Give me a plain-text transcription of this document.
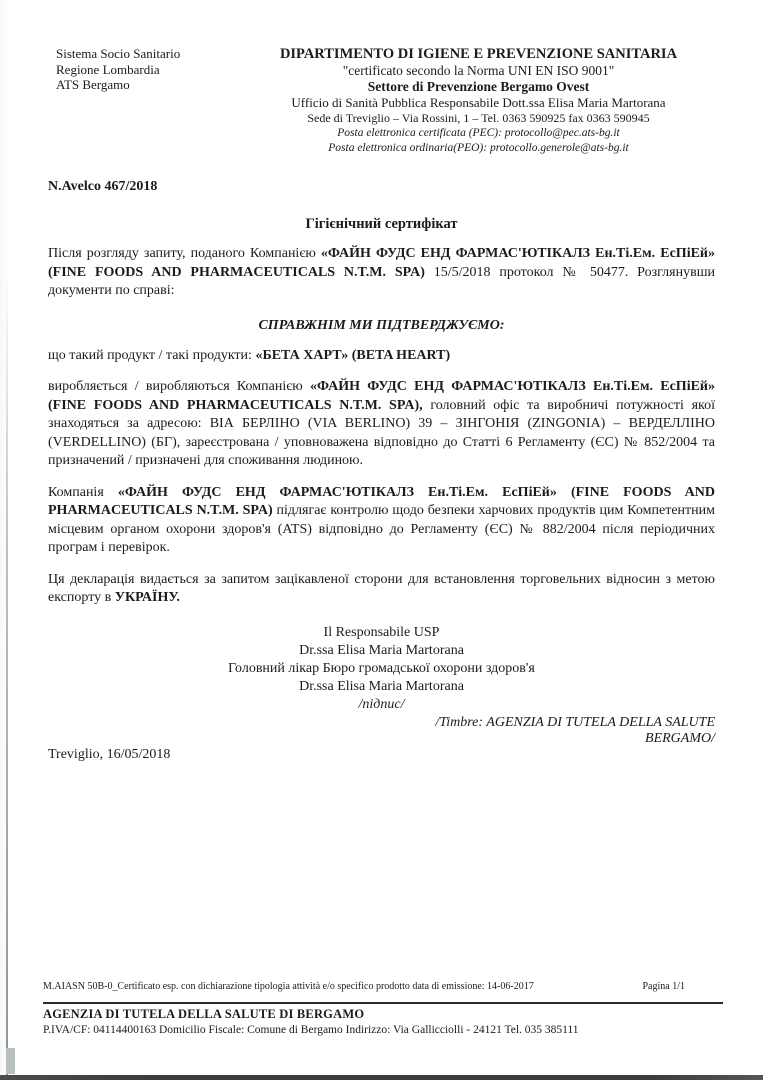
Sistema Socio Sanitario
Regione Lombardia
ATS Bergamo
DIPARTIMENTO DI IGIENE E PREVENZIONE SANITARIA
"certificato secondo la Norma UNI EN ISO 9001"
Settore di Prevenzione Bergamo Ovest
Ufficio di Sanità Pubblica Responsabile Dott.ssa Elisa Maria Martorana
Sede di Treviglio – Via Rossini, 1 – Tel. 0363 590925 fax 0363 590945
Posta elettronica certificata (PEC): protocollo@pec.ats-bg.it
Posta elettronica ordinaria(PEO): protocollo.generole@ats-bg.it
N.Avelco 467/2018
Гігієнічний сертифікат

Після розгляду запиту, поданого Компанією «ФАЙН ФУДС ЕНД ФАРМАС'ЮТІКАЛЗ Ен.Ті.Ем. ЕсПіЕй» (FINE FOODS AND PHARMACEUTICALS N.T.M. SPA) 15/5/2018 протокол № 50477. Розглянувши документи по справі:

СПРАВЖНІМ МИ ПІДТВЕРДЖУЄМО:

що такий продукт / такі продукти: «БЕТА ХАРТ» (BETA HEART)

виробляється / виробляються Компанією «ФАЙН ФУДС ЕНД ФАРМАС'ЮТІКАЛЗ Ен.Ті.Ем. ЕсПіЕй» (FINE FOODS AND PHARMACEUTICALS N.T.M. SPA), головний офіс та виробничі потужності якої знаходяться за адресою: ВІА БЕРЛІНО (VIA BERLINO) 39 – ЗІНГОНІЯ (ZINGONIA) – ВЕРДЕЛЛІНО (VERDELLINO) (БГ), зареєстрована / уповноважена відповідно до Статті 6 Регламенту (ЄС) № 852/2004 та призначений / призначені для споживання людиною.

Компанія «ФАЙН ФУДС ЕНД ФАРМАС'ЮТІКАЛЗ Ен.Ті.Ем. ЕсПіЕй» (FINE FOODS AND PHARMACEUTICALS N.T.M. SPA) підлягає контролю щодо безпеки харчових продуктів цим Компетентним місцевим органом охорони здоров'я (ATS) відповідно до Регламенту (ЄС) № 882/2004 після періодичних програм і перевірок.

Ця декларація видається за запитом зацікавленої сторони для встановлення торговельних відносин з метою експорту в УКРАЇНУ.

Il Responsabile USP
Dr.ssa Elisa Maria Martorana
Головний лікар Бюро громадської охорони здоров'я
Dr.ssa Elisa Maria Martorana
/підпис/
/Timbre: AGENZIA DI TUTELA DELLA SALUTE
BERGAMO/
Treviglio, 16/05/2018
M.AIASN 50B-0_Certificato esp. con dichiarazione tipologia attività e/o specifico prodotto data di emissione: 14-06-2017	Pagina 1/1
AGENZIA DI TUTELA DELLA SALUTE DI BERGAMO
P.IVA/CF: 04114400163 Domicilio Fiscale: Comune di Bergamo Indirizzo: Via Gallicciolli - 24121 Tel. 035 385111
